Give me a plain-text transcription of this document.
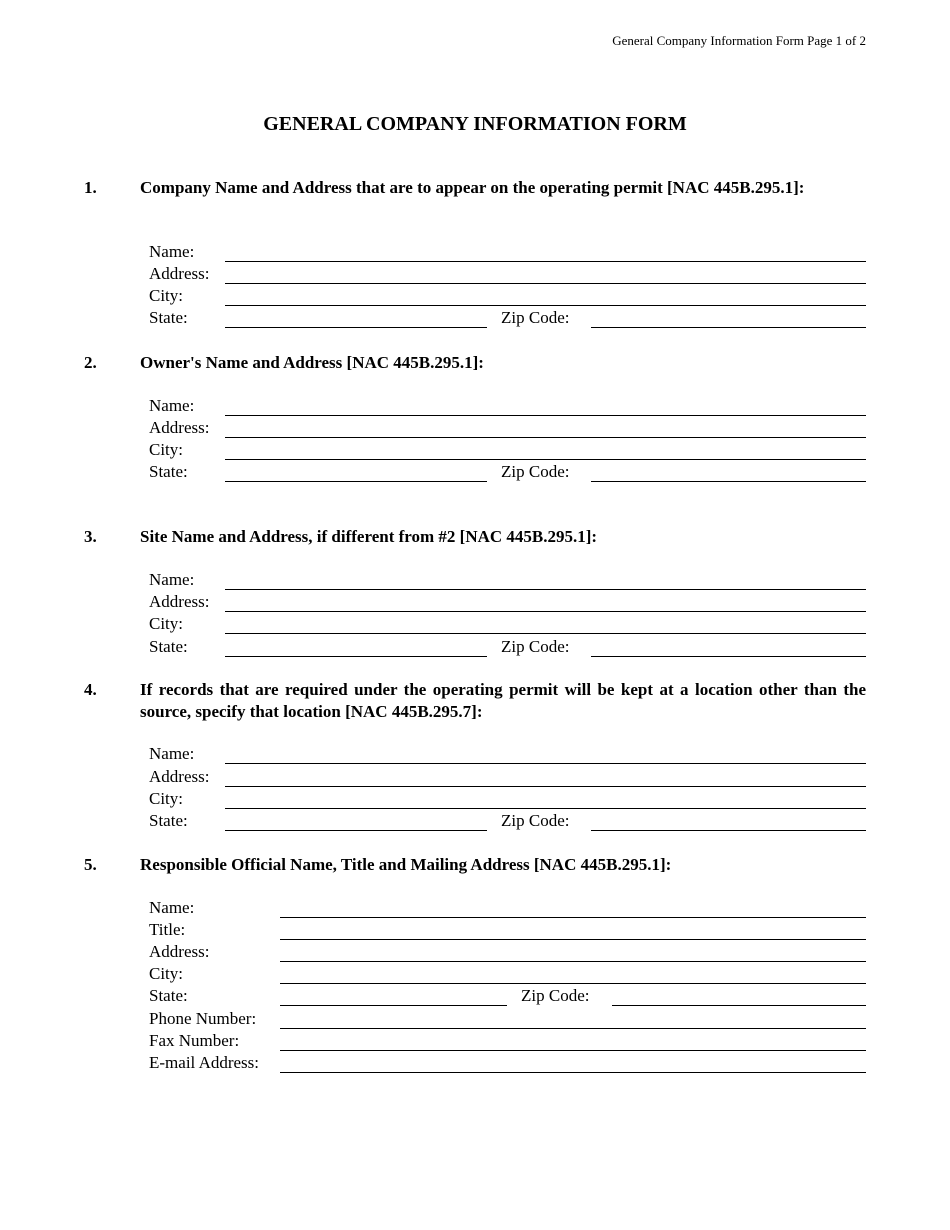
General Company Information Form Page 1 of 2
GENERAL COMPANY INFORMATION FORM
1.	Company Name and Address that are to appear on the operating permit [NAC 445B.295.1]:
Name:
Address:
City:
State:	Zip Code:
2.	Owner's Name and Address [NAC 445B.295.1]:
Name:
Address:
City:
State:	Zip Code:
3.	Site Name and Address, if different from #2 [NAC 445B.295.1]:
Name:
Address:
City:
State:	Zip Code:
4.	If records that are required under the operating permit will be kept at a location other than the source, specify that location [NAC 445B.295.7]:
Name:
Address:
City:
State:	Zip Code:
5.	Responsible Official Name, Title and Mailing Address [NAC 445B.295.1]:
Name:
Title:
Address:
City:
State:	Zip Code:
Phone Number:
Fax Number:
E-mail Address:
